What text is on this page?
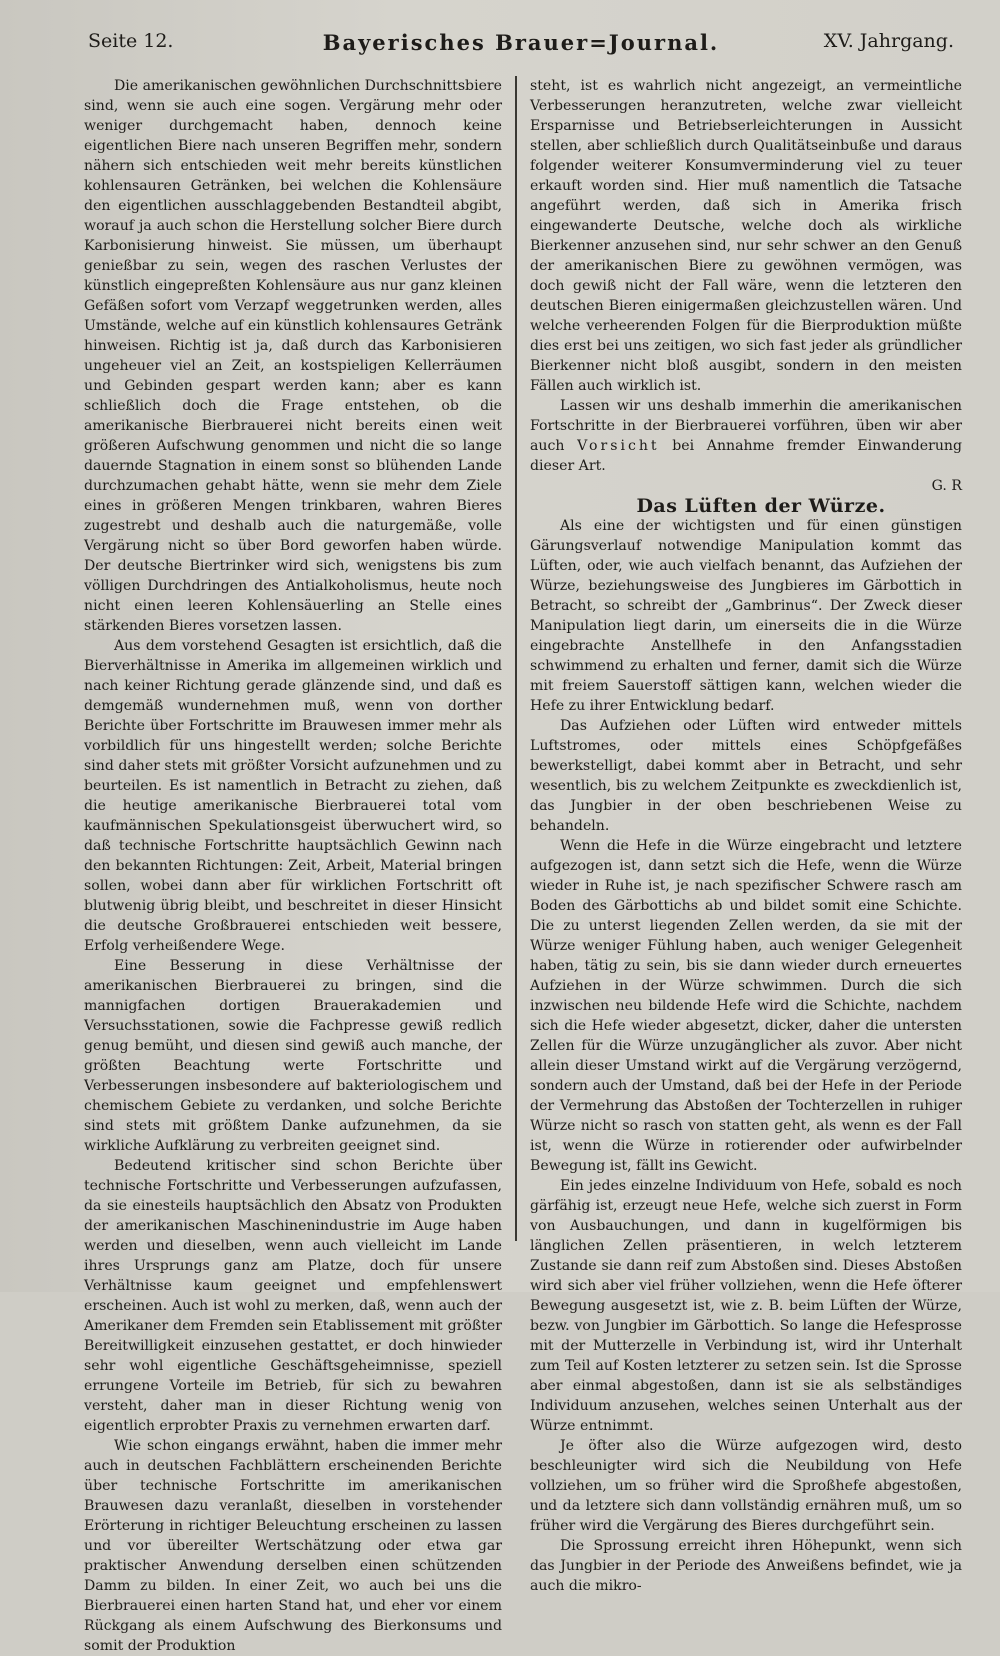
Seite 12.	Bayerisches Brauer=Journal.	XV. Jahrgang.

Die amerikanischen gewöhnlichen Durchschnittsbiere sind, wenn sie auch eine sogen. Vergärung mehr oder weniger durchgemacht haben, dennoch keine eigentlichen Biere nach unseren Begriffen mehr, sondern nähern sich entschieden weit mehr bereits künstlichen kohlensauren Getränken, bei welchen die Kohlensäure den eigentlichen ausschlaggebenden Bestandteil abgibt, worauf ja auch schon die Herstellung solcher Biere durch Karbonisierung hinweist. Sie müssen, um überhaupt genießbar zu sein, wegen des raschen Verlustes der künstlich eingepreßten Kohlensäure aus nur ganz kleinen Gefäßen sofort vom Verzapf weggetrunken werden, alles Umstände, welche auf ein künstlich kohlensaures Getränk hinweisen. Richtig ist ja, daß durch das Karbonisieren ungeheuer viel an Zeit, an kostspieligen Kellerräumen und Gebinden gespart werden kann; aber es kann schließlich doch die Frage entstehen, ob die amerikanische Bierbrauerei nicht bereits einen weit größeren Aufschwung genommen und nicht die so lange dauernde Stagnation in einem sonst so blühenden Lande durchzumachen gehabt hätte, wenn sie mehr dem Ziele eines in größeren Mengen trinkbaren, wahren Bieres zugestrebt und deshalb auch die naturgemäße, volle Vergärung nicht so über Bord geworfen haben würde. Der deutsche Biertrinker wird sich, wenigstens bis zum völligen Durchdringen des Antialkoholismus, heute noch nicht einen leeren Kohlensäuerling an Stelle eines stärkenden Bieres vorsetzen lassen.

Aus dem vorstehend Gesagten ist ersichtlich, daß die Bierverhältnisse in Amerika im allgemeinen wirklich und nach keiner Richtung gerade glänzende sind, und daß es demgemäß wundernehmen muß, wenn von dorther Berichte über Fortschritte im Brauwesen immer mehr als vorbildlich für uns hingestellt werden; solche Berichte sind daher stets mit größter Vorsicht aufzunehmen und zu beurteilen. Es ist namentlich in Betracht zu ziehen, daß die heutige amerikanische Bierbrauerei total vom kaufmännischen Spekulationsgeist überwuchert wird, so daß technische Fortschritte hauptsächlich Gewinn nach den bekannten Richtungen: Zeit, Arbeit, Material bringen sollen, wobei dann aber für wirklichen Fortschritt oft blutwenig übrig bleibt, und beschreitet in dieser Hinsicht die deutsche Großbrauerei entschieden weit bessere, Erfolg verheißendere Wege.

Eine Besserung in diese Verhältnisse der amerikanischen Bierbrauerei zu bringen, sind die mannigfachen dortigen Brauerakademien und Versuchsstationen, sowie die Fachpresse gewiß redlich genug bemüht, und diesen sind gewiß auch manche, der größten Beachtung werte Fortschritte und Verbesserungen insbesondere auf bakteriologischem und chemischem Gebiete zu verdanken, und solche Berichte sind stets mit größtem Danke aufzunehmen, da sie wirkliche Aufklärung zu verbreiten geeignet sind.

Bedeutend kritischer sind schon Berichte über technische Fortschritte und Verbesserungen aufzufassen, da sie einesteils hauptsächlich den Absatz von Produkten der amerikanischen Maschinenindustrie im Auge haben werden und dieselben, wenn auch vielleicht im Lande ihres Ursprungs ganz am Platze, doch für unsere Verhältnisse kaum geeignet und empfehlenswert erscheinen. Auch ist wohl zu merken, daß, wenn auch der Amerikaner dem Fremden sein Etablissement mit größter Bereitwilligkeit einzusehen gestattet, er doch hinwieder sehr wohl eigentliche Geschäftsgeheimnisse, speziell errungene Vorteile im Betrieb, für sich zu bewahren versteht, daher man in dieser Richtung wenig von eigentlich erprobter Praxis zu vernehmen erwarten darf.

Wie schon eingangs erwähnt, haben die immer mehr auch in deutschen Fachblättern erscheinenden Berichte über technische Fortschritte im amerikanischen Brauwesen dazu veranlaßt, dieselben in vorstehender Erörterung in richtiger Beleuchtung erscheinen zu lassen und vor übereilter Wertschätzung oder etwa gar praktischer Anwendung derselben einen schützenden Damm zu bilden. In einer Zeit, wo auch bei uns die Bierbrauerei einen harten Stand hat, und eher vor einem Rückgang als einem Aufschwung des Bierkonsums und somit der Produktion

steht, ist es wahrlich nicht angezeigt, an vermeintliche Verbesserungen heranzutreten, welche zwar vielleicht Ersparnisse und Betriebserleichterungen in Aussicht stellen, aber schließlich durch Qualitätseinbuße und daraus folgender weiterer Konsumverminderung viel zu teuer erkauft worden sind. Hier muß namentlich die Tatsache angeführt werden, daß sich in Amerika frisch eingewanderte Deutsche, welche doch als wirkliche Bierkenner anzusehen sind, nur sehr schwer an den Genuß der amerikanischen Biere zu gewöhnen vermögen, was doch gewiß nicht der Fall wäre, wenn die letzteren den deutschen Bieren einigermaßen gleichzustellen wären. Und welche verheerenden Folgen für die Bierproduktion müßte dies erst bei uns zeitigen, wo sich fast jeder als gründlicher Bierkenner nicht bloß ausgibt, sondern in den meisten Fällen auch wirklich ist.

Lassen wir uns deshalb immerhin die amerikanischen Fortschritte in der Bierbrauerei vorführen, üben wir aber auch Vorsicht bei Annahme fremder Einwanderung dieser Art.

G. R

Das Lüften der Würze.

Als eine der wichtigsten und für einen günstigen Gärungsverlauf notwendige Manipulation kommt das Lüften, oder, wie auch vielfach benannt, das Aufziehen der Würze, beziehungsweise des Jungbieres im Gärbottich in Betracht, so schreibt der „Gambrinus“. Der Zweck dieser Manipulation liegt darin, um einerseits die in die Würze eingebrachte Anstellhefe in den Anfangsstadien schwimmend zu erhalten und ferner, damit sich die Würze mit freiem Sauerstoff sättigen kann, welchen wieder die Hefe zu ihrer Entwicklung bedarf.

Das Aufziehen oder Lüften wird entweder mittels Luftstromes, oder mittels eines Schöpfgefäßes bewerkstelligt, dabei kommt aber in Betracht, und sehr wesentlich, bis zu welchem Zeitpunkte es zweckdienlich ist, das Jungbier in der oben beschriebenen Weise zu behandeln.

Wenn die Hefe in die Würze eingebracht und letztere aufgezogen ist, dann setzt sich die Hefe, wenn die Würze wieder in Ruhe ist, je nach spezifischer Schwere rasch am Boden des Gärbottichs ab und bildet somit eine Schichte. Die zu unterst liegenden Zellen werden, da sie mit der Würze weniger Fühlung haben, auch weniger Gelegenheit haben, tätig zu sein, bis sie dann wieder durch erneuertes Aufziehen in der Würze schwimmen. Durch die sich inzwischen neu bildende Hefe wird die Schichte, nachdem sich die Hefe wieder abgesetzt, dicker, daher die untersten Zellen für die Würze unzugänglicher als zuvor. Aber nicht allein dieser Umstand wirkt auf die Vergärung verzögernd, sondern auch der Umstand, daß bei der Hefe in der Periode der Vermehrung das Abstoßen der Tochterzellen in ruhiger Würze nicht so rasch von statten geht, als wenn es der Fall ist, wenn die Würze in rotierender oder aufwirbelnder Bewegung ist, fällt ins Gewicht.

Ein jedes einzelne Individuum von Hefe, sobald es noch gärfähig ist, erzeugt neue Hefe, welche sich zuerst in Form von Ausbauchungen, und dann in kugelförmigen bis länglichen Zellen präsentieren, in welch letzterem Zustande sie dann reif zum Abstoßen sind. Dieses Abstoßen wird sich aber viel früher vollziehen, wenn die Hefe öfterer Bewegung ausgesetzt ist, wie z. B. beim Lüften der Würze, bezw. von Jungbier im Gärbottich. So lange die Hefesprosse mit der Mutterzelle in Verbindung ist, wird ihr Unterhalt zum Teil auf Kosten letzterer zu setzen sein. Ist die Sprosse aber einmal abgestoßen, dann ist sie als selbständiges Individuum anzusehen, welches seinen Unterhalt aus der Würze entnimmt.

Je öfter also die Würze aufgezogen wird, desto beschleunigter wird sich die Neubildung von Hefe vollziehen, um so früher wird die Sproßhefe abgestoßen, und da letztere sich dann vollständig ernähren muß, um so früher wird die Vergärung des Bieres durchgeführt sein.

Die Sprossung erreicht ihren Höhepunkt, wenn sich das Jungbier in der Periode des Anweißens befindet, wie ja auch die mikro-
